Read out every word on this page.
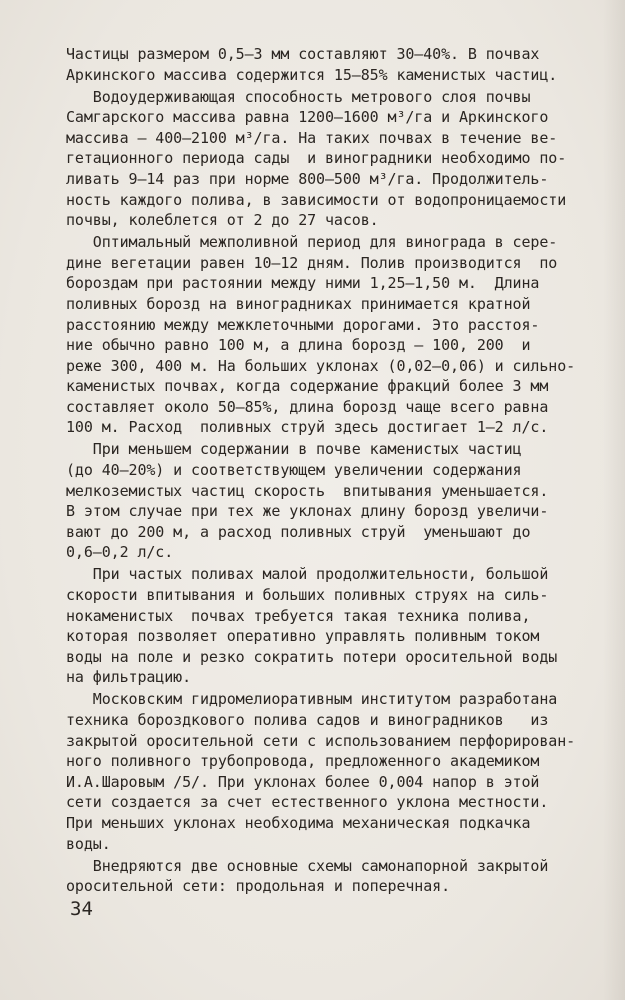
Частицы размером 0,5–3 мм составляют 30–40%. В почвах
Аркинского массива содержится 15–85% каменистых частиц.
Водоудерживающая способность метрового слоя почвы
Самгарского массива равна 1200–1600 м³/га и Аркинского
массива – 400–2100 м³/га. На таких почвах в течение ве-
гетационного периода сады  и виноградники необходимо по-
ливать 9–14 раз при норме 800–500 м³/га. Продолжитель-
ность каждого полива, в зависимости от водопроницаемости
почвы, колеблется от 2 до 27 часов.
Оптимальный межполивной период для винограда в сере-
дине вегетации равен 10–12 дням. Полив производится  по
бороздам при растоянии между ними 1,25–1,50 м.  Длина
поливных борозд на виноградниках принимается кратной
расстоянию между межклеточными дорогами. Это расстоя-
ние обычно равно 100 м, а длина борозд – 100, 200  и
реже 300, 400 м. На больших уклонах (0,02–0,06) и сильно-
каменистых почвах, когда содержание фракций более 3 мм
составляет около 50–85%, длина борозд чаще всего равна
100 м. Расход  поливных струй здесь достигает 1–2 л/с.
При меньшем содержании в почве каменистых частиц
(до 40–20%) и соответствующем увеличении содержания
мелкоземистых частиц скорость  впитывания уменьшается.
В этом случае при тех же уклонах длину борозд увеличи-
вают до 200 м, а расход поливных струй  уменьшают до
0,6–0,2 л/с.
При частых поливах малой продолжительности, большой
скорости впитывания и больших поливных струях на силь-
нокаменистых  почвах требуется такая техника полива,
которая позволяет оперативно управлять поливным током
воды на поле и резко сократить потери оросительной воды
на фильтрацию.
Московским гидромелиоративным институтом разработана
техника бороздкового полива садов и виноградников   из
закрытой оросительной сети с использованием перфорирован-
ного поливного трубопровода, предложенного академиком
И.А.Шаровым /5/. При уклонах более 0,004 напор в этой
сети создается за счет естественного уклона местности.
При меньших уклонах необходима механическая подкачка
воды.
Внедряются две основные схемы самонапорной закрытой
оросительной сети: продольная и поперечная.
34
